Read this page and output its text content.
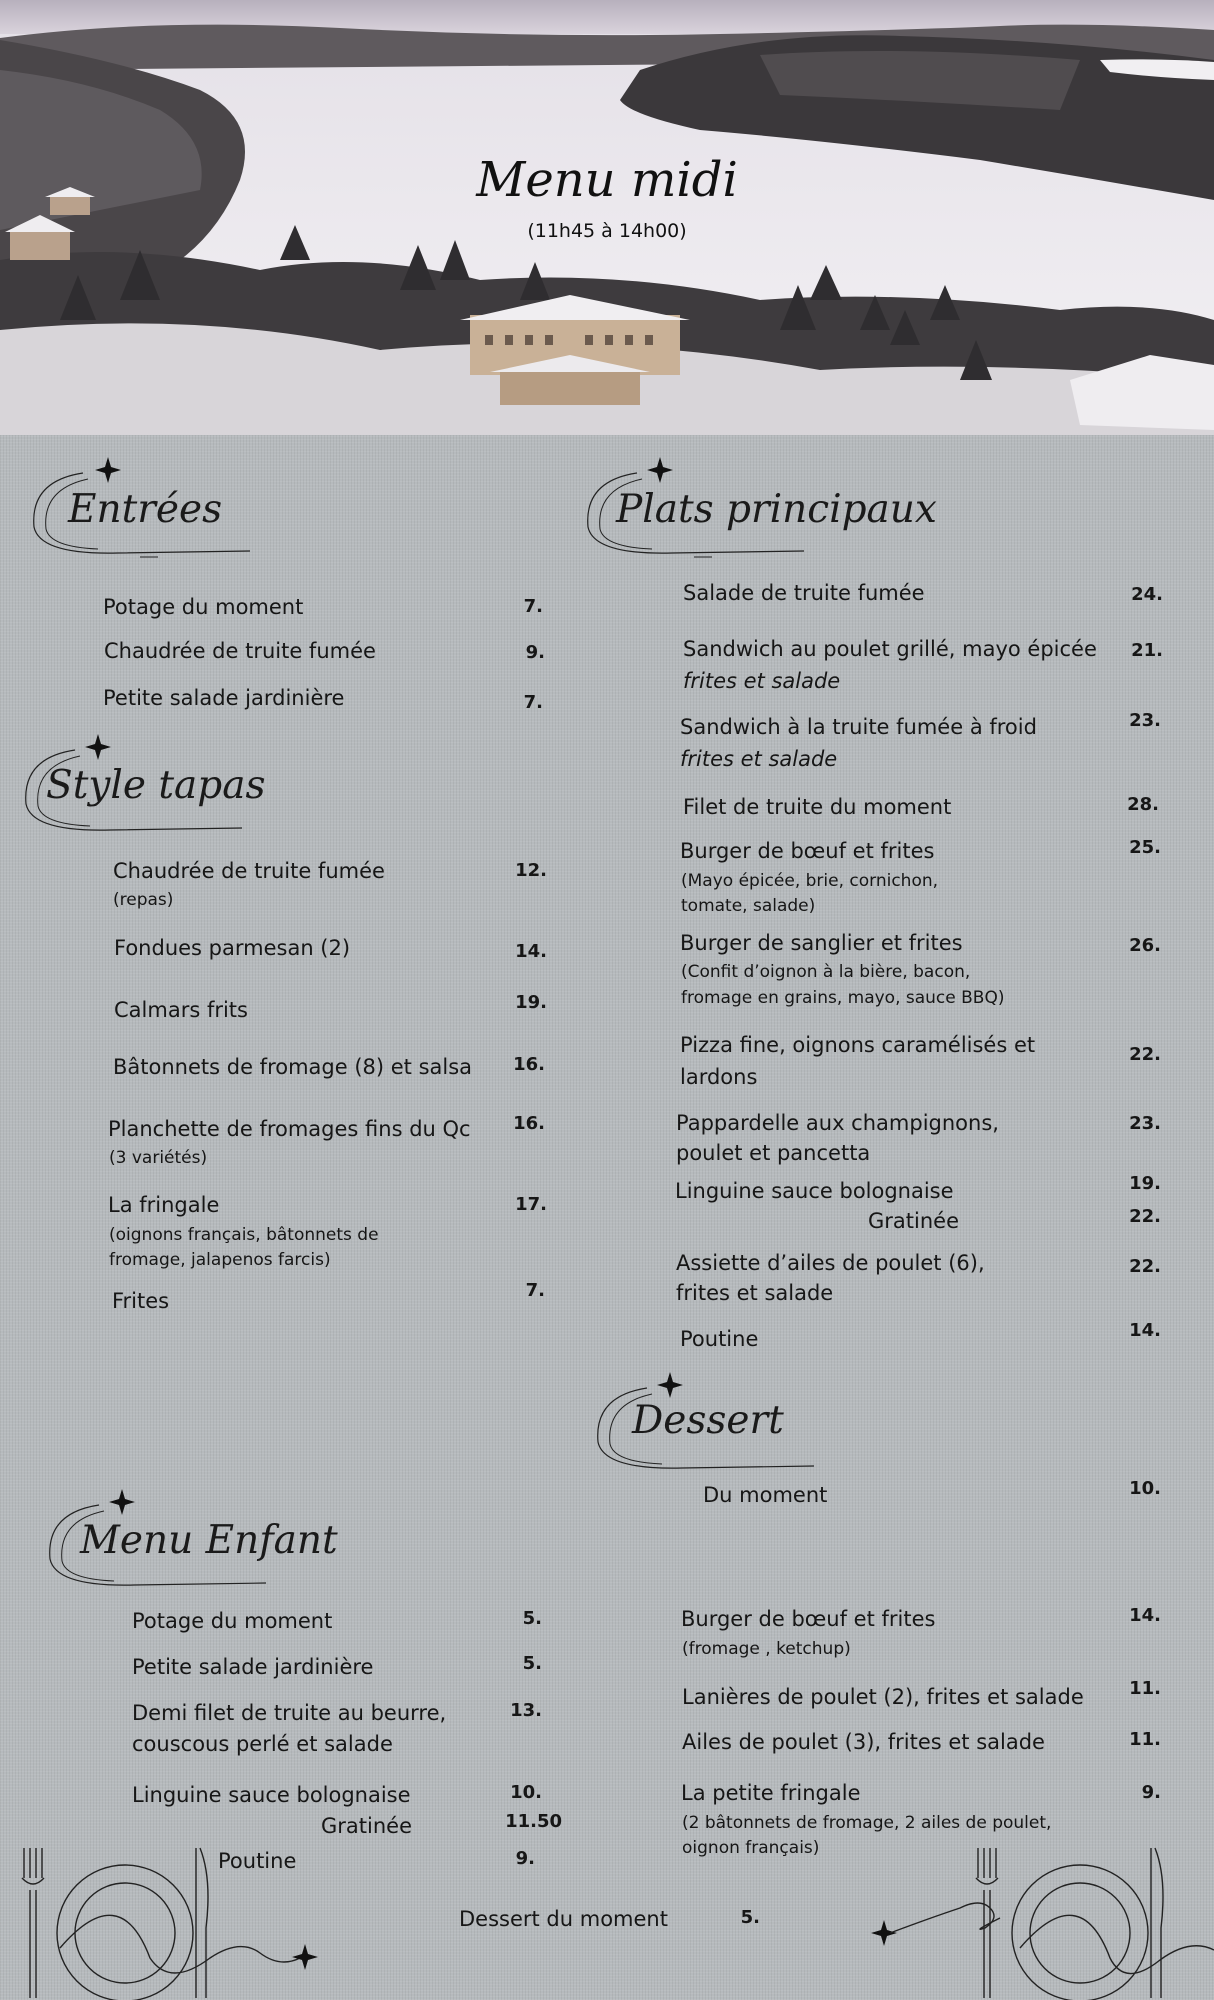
Menu midi
(11h45 à 14h00)
Entrées	Plats principaux
Style tapas
Dessert
Menu Enfant
Potage du moment	7.
Chaudrée de truite fumée	9.
Petite salade jardinière	7.
Chaudrée de truite fumée
(repas)
12.
Fondues parmesan (2)	14.
Calmars frits	19.
Bâtonnets de fromage (8) et salsa	16.
Planchette de fromages fins du Qc
(3 variétés)
16.
La fringale
(oignons français, bâtonnets de
fromage, jalapenos farcis)
17.
Frites	7.
Salade de truite fumée	24.
Sandwich au poulet grillé, mayo épicée
frites et salade
21.
Sandwich à la truite fumée à froid
frites et salade
23.
Filet de truite du moment	28.
Burger de bœuf et frites
(Mayo épicée, brie, cornichon,
tomate, salade)
25.
Burger de sanglier et frites
(Confit d’oignon à la bière, bacon,
fromage en grains, mayo, sauce BBQ)
26.
Pizza fine, oignons caramélisés et
lardons
22.
Pappardelle aux champignons,
poulet et pancetta
23.
Linguine sauce bolognaise	19.
Gratinée	22.
Assiette d’ailes de poulet (6),
frites et salade
22.
Poutine	14.
Du moment	10.
Potage du moment	5.
Petite salade jardinière	5.
Demi filet de truite au beurre,
couscous perlé et salade
13.
Linguine sauce bolognaise	10.
Gratinée	11.50
Poutine	9.
Burger de bœuf et frites
(fromage , ketchup)
14.
Lanières de poulet (2), frites et salade	11.
Ailes de poulet (3), frites et salade	11.
La petite fringale
(2 bâtonnets de fromage, 2 ailes de poulet,
oignon français)
9.
Dessert du moment	5.
